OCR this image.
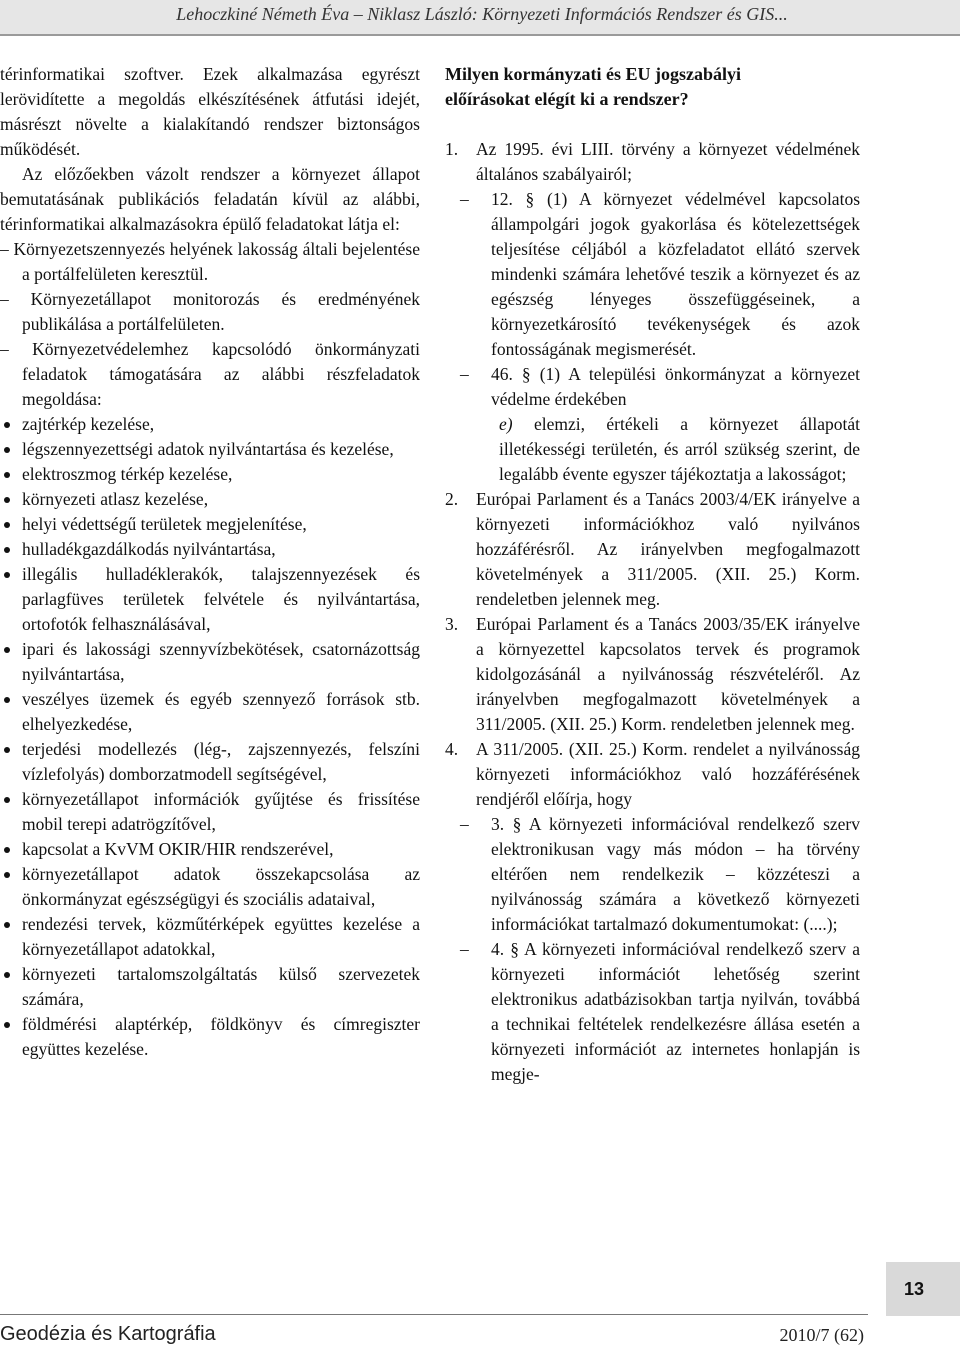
Lehoczkiné Németh Éva – Niklasz László: Környezeti Információs Rendszer és GIS...

térinformatikai szoftver. Ezek alkalmazása egyrészt lerövidítette a megoldás elkészítésének átfutási idejét, másrészt növelte a kialakítandó rendszer biztonságos működését.

Az előzőekben vázolt rendszer a környezet állapot bemutatásának publikációs feladatán kívül az alábbi, térinformatikai alkalmazásokra épülő feladatokat látja el:

– Környezetszennyezés helyének lakosság általi bejelentése a portálfelületen keresztül.

– Környezetállapot monitorozás és eredményének publikálása a portálfelületen.

– Környezetvédelemhez kapcsolódó önkormányzati feladatok támogatására az alábbi részfeladatok megoldása:

zajtérkép kezelése,
légszennyezettségi adatok nyilvántartása és kezelése,
elektroszmog térkép kezelése,
környezeti atlasz kezelése,
helyi védettségű területek megjelenítése,
hulladékgazdálkodás nyilvántartása,
illegális hulladéklerakók, talajszennyezések és parlagfüves területek felvétele és nyilvántartása, ortofotók felhasználásával,
ipari és lakossági szennyvízbekötések, csatornázottság nyilvántartása,
veszélyes üzemek és egyéb szennyező források stb. elhelyezkedése,
terjedési modellezés (lég-, zajszennyezés, felszíni vízlefolyás) domborzatmodell segítségével,
környezetállapot információk gyűjtése és frissítése mobil terepi adatrögzítővel,
kapcsolat a KvVM OKIR/HIR rendszerével,
környezetállapot adatok összekapcsolása az önkormányzat egészségügyi és szociális adataival,
rendezési tervek, közműtérképek együttes kezelése a környezetállapot adatokkal,
környezeti tartalomszolgáltatás külső szervezetek számára,
földmérési alaptérkép, földkönyv és címregiszter együttes kezelése.

Milyen kormányzati és EU jogszabályi
előírásokat elégít ki a rendszer?

1. Az 1995. évi LIII. törvény a környezet védelmének általános szabályairól;
– 12. § (1) A környezet védelmével kapcsolatos állampolgári jogok gyakorlása és kötelezettségek teljesítése céljából a közfeladatot ellátó szervek mindenki számára lehetővé teszik a környezet és az egészség lényeges összefüggéseinek, a környezetkárosító tevékenységek és azok fontosságának megismerését.
– 46. § (1) A települési önkormányzat a környezet védelme érdekében
e) elemzi, értékeli a környezet állapotát illetékességi területén, és arról szükség szerint, de legalább évente egyszer tájékoztatja a lakosságot;
2. Európai Parlament és a Tanács 2003/4/EK irányelve a környezeti információkhoz való nyilvános hozzáférésről. Az irányelvben megfogalmazott követelmények a 311/2005. (XII. 25.) Korm. rendeletben jelennek meg.
3. Európai Parlament és a Tanács 2003/35/EK irányelve a környezettel kapcsolatos tervek és programok kidolgozásánál a nyilvánosság részvételéről. Az irányelvben megfogalmazott követelmények a 311/2005. (XII. 25.) Korm. rendeletben jelennek meg.
4. A 311/2005. (XII. 25.) Korm. rendelet a nyilvánosság környezeti információkhoz való hozzáférésének rendjéről előírja, hogy
– 3. § A környezeti információval rendelkező szerv elektronikusan vagy más módon – ha törvény eltérően nem rendelkezik – közzéteszi a nyilvánosság számára a következő környezeti információkat tartalmazó dokumentumokat: (....);
– 4. § A környezeti információval rendelkező szerv a környezeti információt lehetőség szerint elektronikus adatbázisokban tartja nyilván, továbbá a technikai feltételek rendelkezésre állása esetén a környezeti információt az internetes honlapján is megje-
13
Geodézia és Kartográfia	2010/7 (62)
